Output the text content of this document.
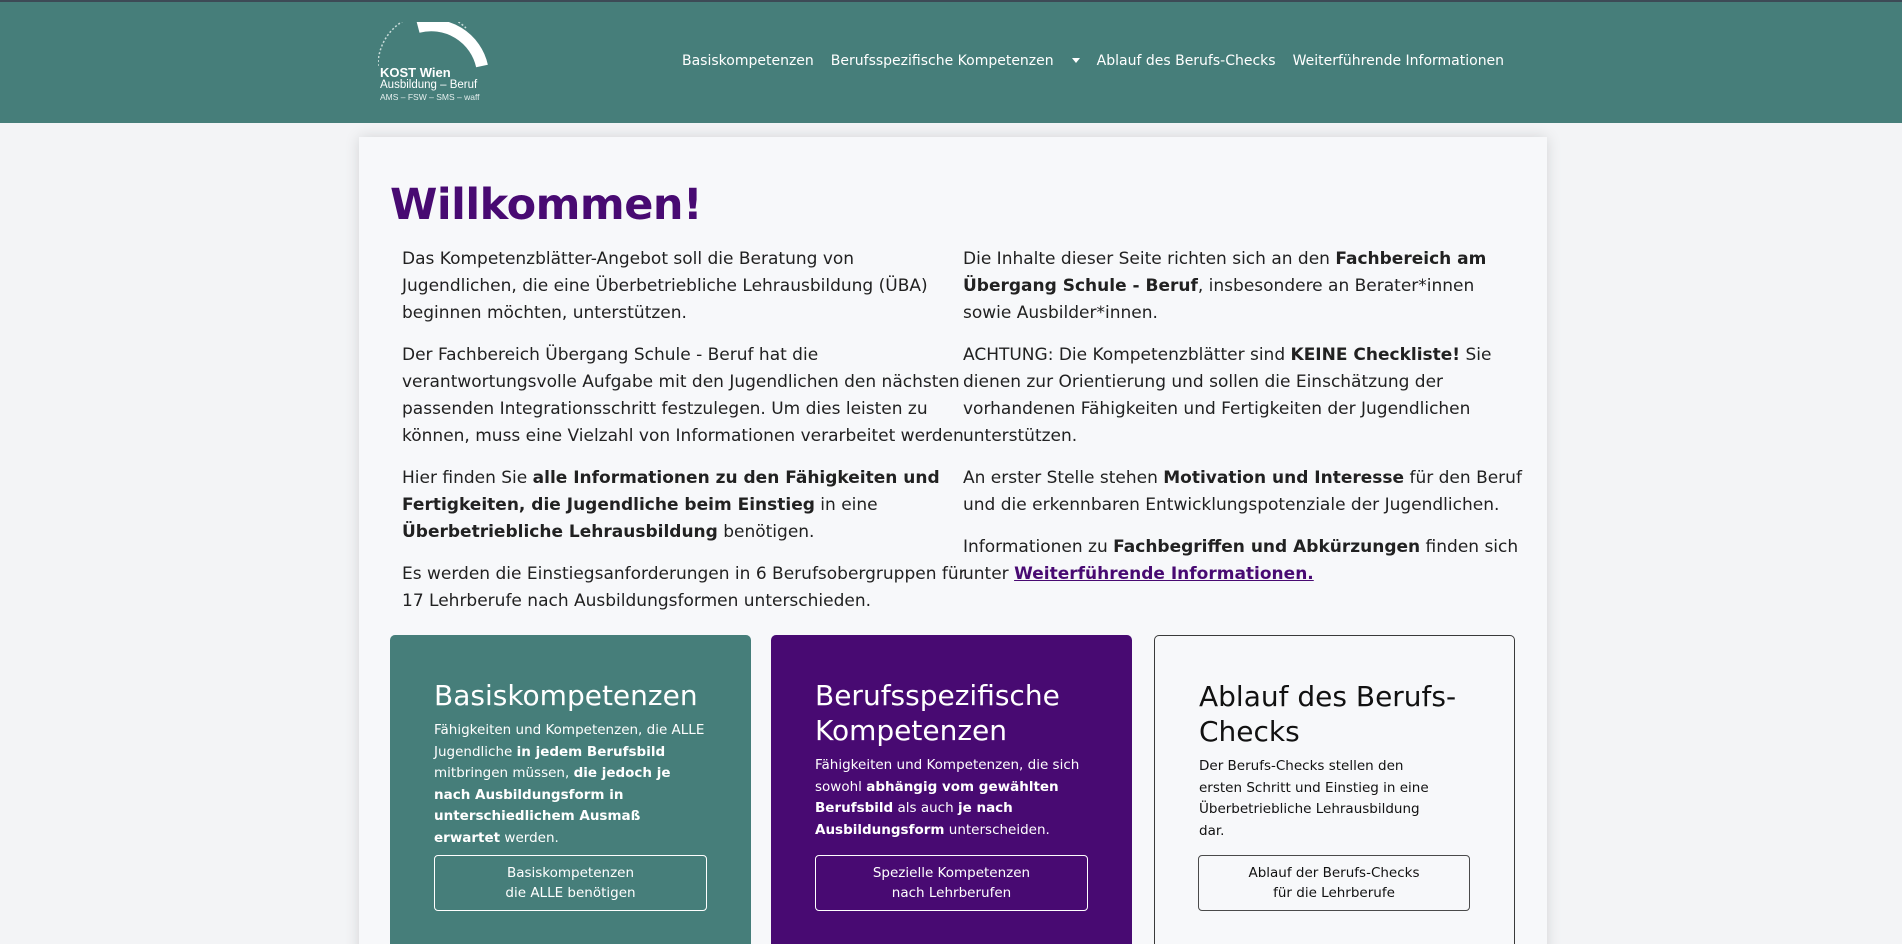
KOST Wien
Ausbildung – Beruf
AMS – FSW – SMS – waff
Basiskompetenzen Berufsspezifische Kompetenzen	Ablauf des Berufs-Checks Weiterführende Informationen
Willkommen!

Das Kompetenzblätter-Angebot soll die Beratung von Jugendlichen, die eine Überbetriebliche Lehrausbildung (ÜBA) beginnen möchten, unterstützen.

Der Fachbereich Übergang Schule - Beruf hat die verantwortungsvolle Aufgabe mit den Jugendlichen den nächsten passenden Integrationsschritt festzulegen. Um dies leisten zu können, muss eine Vielzahl von Informationen verarbeitet werden.

Hier finden Sie alle Informationen zu den Fähigkeiten und Fertigkeiten, die Jugendliche beim Einstieg in eine Überbetriebliche Lehrausbildung benötigen.

Es werden die Einstiegsanforderungen in 6 Berufsobergruppen für 17 Lehrberufe nach Ausbildungsformen unterschieden.

Die Inhalte dieser Seite richten sich an den Fachbereich am Übergang Schule - Beruf, insbesondere an Berater*innen sowie Ausbilder*innen.

ACHTUNG: Die Kompetenzblätter sind KEINE Checkliste! Sie dienen zur Orientierung und sollen die Einschätzung der vorhandenen Fähigkeiten und Fertigkeiten der Jugendlichen unterstützen.

An erster Stelle stehen Motivation und Interesse für den Beruf und die erkennbaren Entwicklungspotenziale der Jugendlichen.

Informationen zu Fachbegriffen und Abkürzungen finden sich unter Weiterführende Informationen.

Basiskompetenzen
Fähigkeiten und Kompetenzen, die ALLE Jugendliche in jedem Berufsbild mitbringen müssen, die jedoch je nach Ausbildungsform in unterschiedlichem Ausmaß erwartet werden.
Basiskompetenzen
die ALLE benötigen
Berufsspezifische Kompetenzen
Fähigkeiten und Kompetenzen, die sich sowohl abhängig vom gewählten Berufsbild als auch je nach Ausbildungsform unterscheiden.
Spezielle Kompetenzen
nach Lehrberufen
Ablauf des Berufs-Checks
Der Berufs-Checks stellen den ersten Schritt und Einstieg in eine Überbetriebliche Lehrausbildung dar.
Ablauf der Berufs-Checks
für die Lehrberufe
